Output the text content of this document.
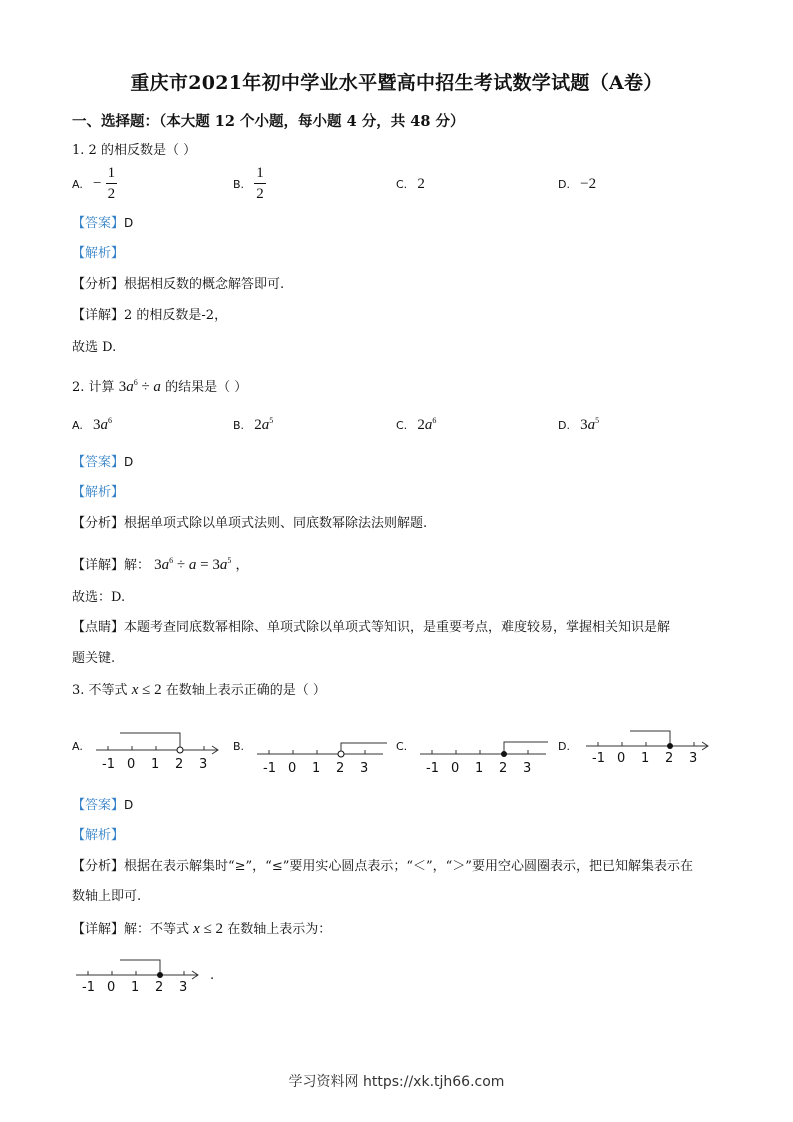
重庆市2021年初中学业水平暨高中招生考试数学试题（A卷）
一、选择题：（本大题 12 个小题，每小题 4 分，共 48 分）
1. 2 的相反数是（ ）
A. − $\frac{1}{2}$	B. $\frac{1}{2}$	C. 2	D. −2
【答案】D
【解析】
【分析】根据相反数的概念解答即可.
【详解】2 的相反数是-2，
故选 D.
2. 计算 $3a^6 \div a$ 的结果是（ ）
A. $3a^6$	B. $2a^5$	C. $2a^6$	D. $3a^5$
【答案】D
【解析】
【分析】根据单项式除以单项式法则、同底数幂除法法则解题.
【详解】解： $3a^6 \div a = 3a^5$ ，
故选：D.
【点睛】本题考查同底数幂相除、单项式除以单项式等知识，是重要考点，难度较易，掌握相关知识是解
题关键.
3. 不等式 x ≤ 2 在数轴上表示正确的是（ ）
A.
-1 0 1 2 3
B.
-1 0 1 2 3
C.
-1 0 1 2 3
D.
-1 0 1 2 3
【答案】D
【解析】
【分析】根据在表示解集时“≥”，“≤”要用实心圆点表示；“＜”，“＞”要用空心圆圈表示，把已知解集表示在
数轴上即可.
【详解】解：不等式 x ≤ 2 在数轴上表示为：
-1 0 1 2 3
.
学习资料网 https://xk.tjh66.com
